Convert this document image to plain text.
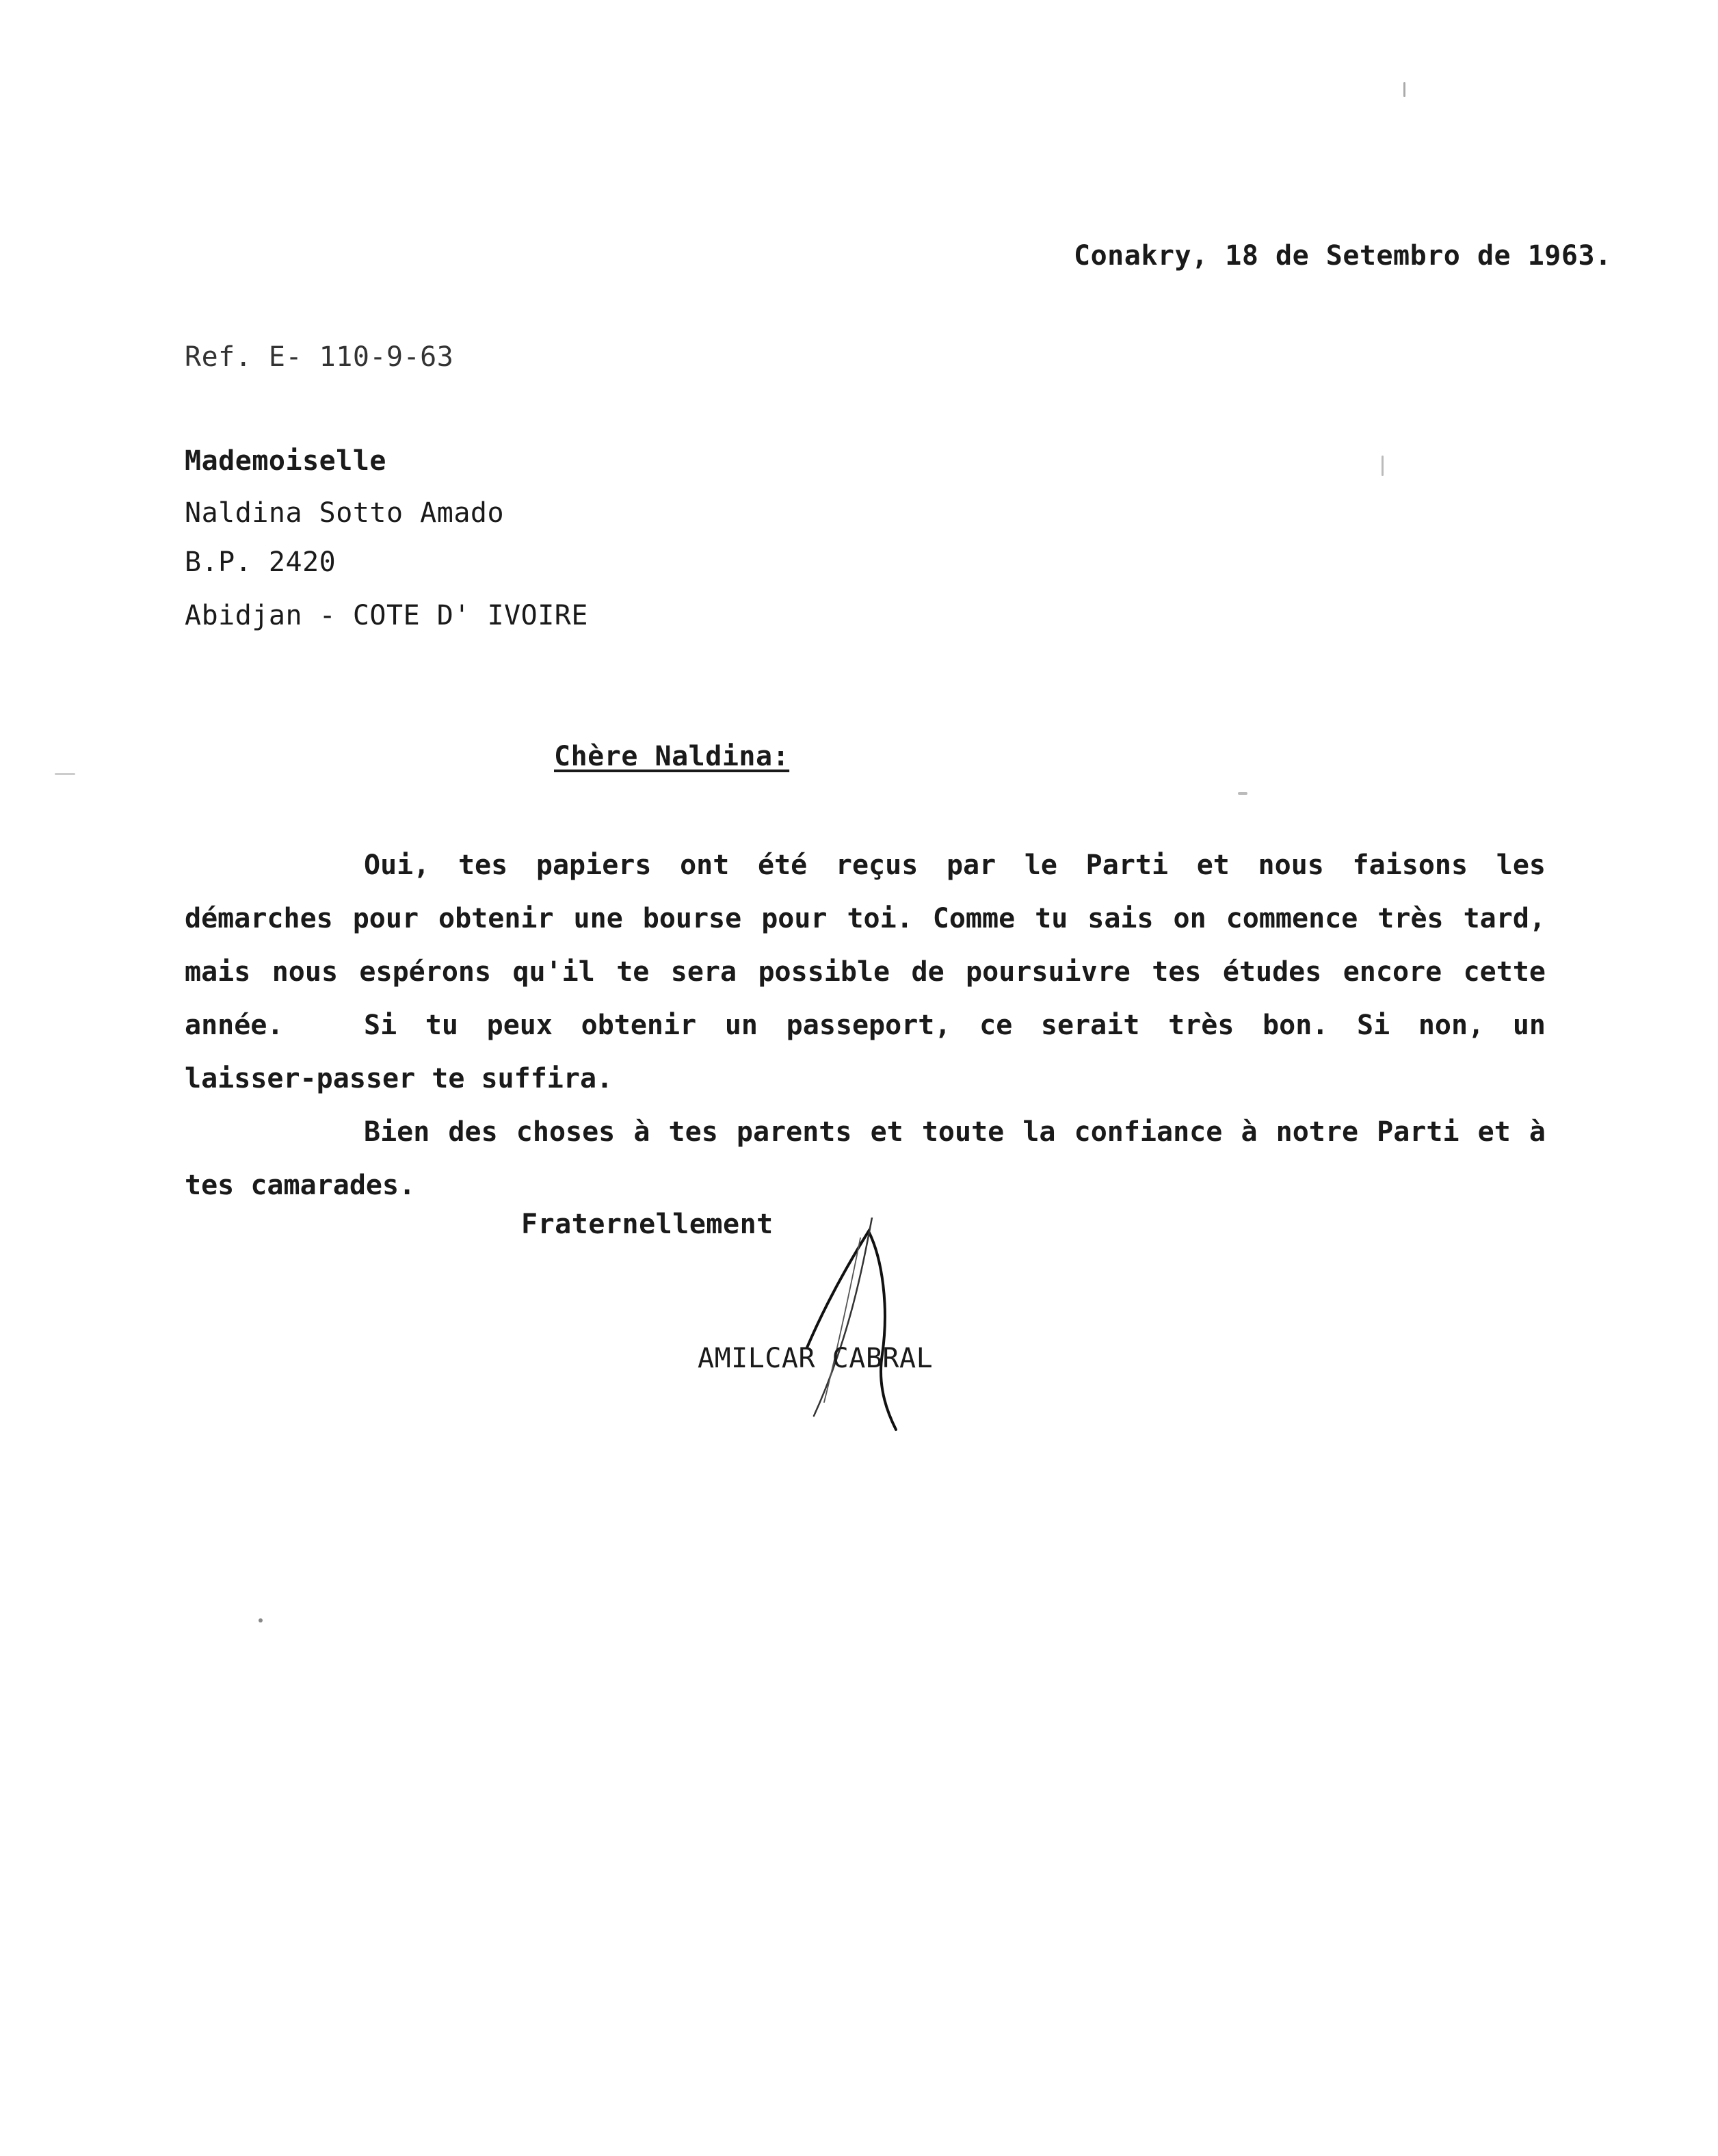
Conakry, 18 de Setembro de 1963.
Ref. E- 110-9-63
Mademoiselle
Naldina Sotto Amado
B.P. 2420
Abidjan - COTE D' IVOIRE
Chère Naldina:

Oui, tes papiers ont été reçus par le Parti et nous faisons les démarches pour obtenir une bourse pour toi. Comme tu sais on commence très tard, mais nous espérons qu'il te sera possible de poursuivre tes études encore cette année.	Si tu peux obtenir un passeport, ce serait très bon. Si non, un laisser-passer te suffira.

Bien des choses à tes parents et toute la confiance à notre Parti et à tes camarades.

Fraternellement
AMILCAR CABRAL
